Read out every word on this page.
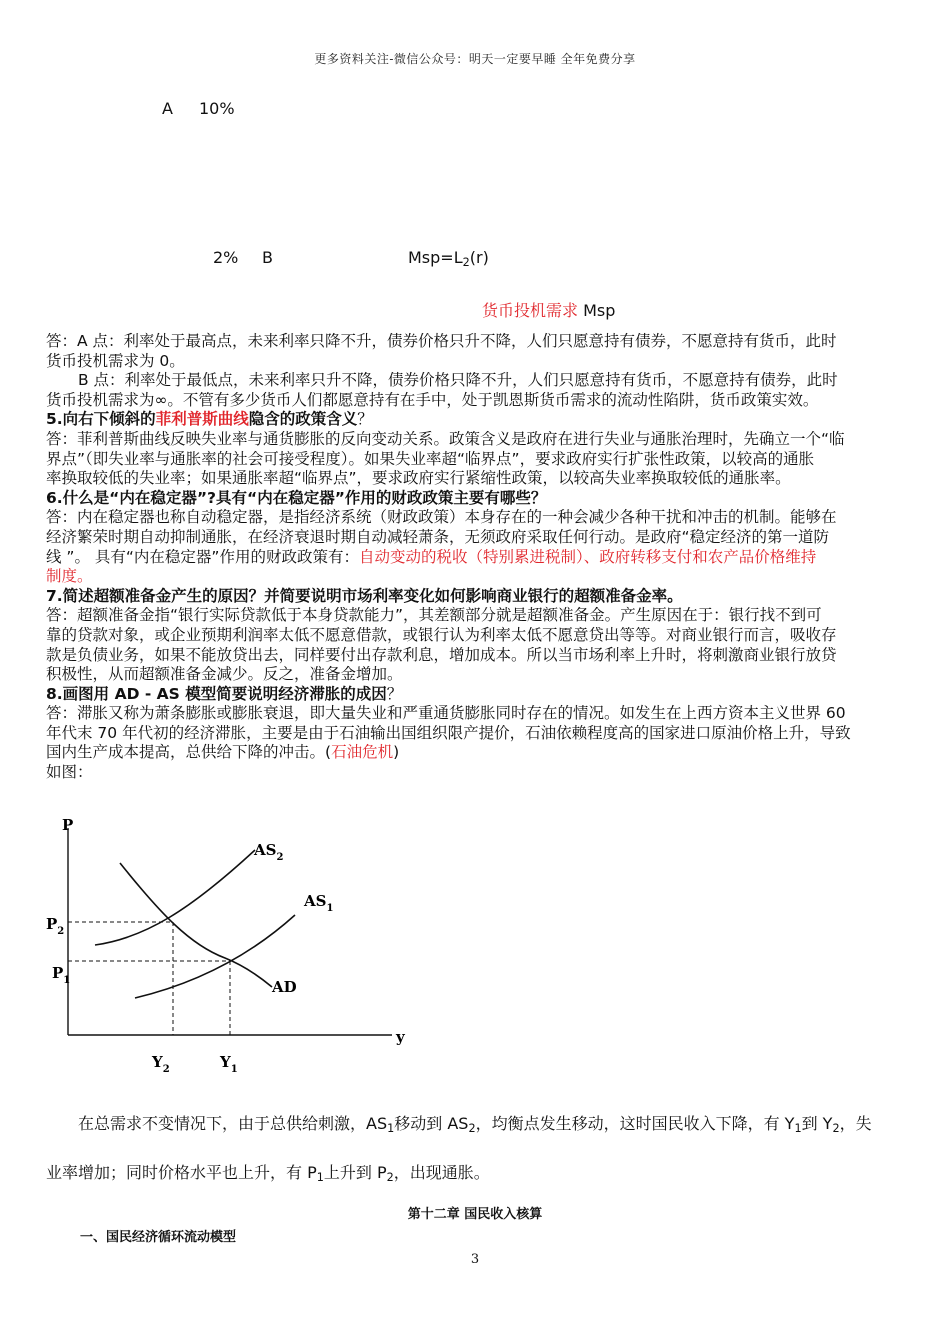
更多资料关注-微信公众号：明天一定要早睡 全年免费分享
A 10%
2% B	$Msp=L_2(r)$
货币投机需求 Msp

答：A 点：利率处于最高点，未来利率只降不升，债券价格只升不降，人们只愿意持有债券，不愿意持有货币，此时

货币投机需求为 0。

B 点：利率处于最低点，未来利率只升不降，债券价格只降不升，人们只愿意持有货币，不愿意持有债券，此时

货币投机需求为∞。不管有多少货币人们都愿意持有在手中，处于凯恩斯货币需求的流动性陷阱，货币政策实效。

5.向右下倾斜的菲利普斯曲线隐含的政策含义？

答：菲利普斯曲线反映失业率与通货膨胀的反向变动关系。政策含义是政府在进行失业与通胀治理时，先确立一个“临

界点”（即失业率与通胀率的社会可接受程度）。如果失业率超“临界点”，要求政府实行扩张性政策，以较高的通胀

率换取较低的失业率；如果通胀率超“临界点”，要求政府实行紧缩性政策，以较高失业率换取较低的通胀率。

6.什么是“内在稳定器”?具有“内在稳定器”作用的财政政策主要有哪些？

答：内在稳定器也称自动稳定器，是指经济系统（财政政策）本身存在的一种会减少各种干扰和冲击的机制。能够在

经济繁荣时期自动抑制通胀，在经济衰退时期自动减轻萧条，无须政府采取任何行动。是政府“稳定经济的第一道防

线 ”。 具有“内在稳定器”作用的财政政策有：自动变动的税收（特别累进税制）、政府转移支付和农产品价格维持

制度。

7.简述超额准备金产生的原因？并简要说明市场利率变化如何影响商业银行的超额准备金率。

答：超额准备金指“银行实际贷款低于本身贷款能力”，其差额部分就是超额准备金。产生原因在于：银行找不到可

靠的贷款对象，或企业预期利润率太低不愿意借款，或银行认为利率太低不愿意贷出等等。对商业银行而言，吸收存

款是负债业务，如果不能放贷出去，同样要付出存款利息，增加成本。所以当市场利率上升时，将刺激商业银行放贷

积极性，从而超额准备金减少。反之，准备金增加。

8.画图用 AD - AS 模型简要说明经济滞胀的成因？

答：滞胀又称为萧条膨胀或膨胀衰退，即大量失业和严重通货膨胀同时存在的情况。如发生在上西方资本主义世界 60

年代末 70 年代初的经济滞胀，主要是由于石油输出国组织限产提价，石油依赖程度高的国家进口原油价格上升，导致

国内生产成本提高，总供给下降的冲击。(石油危机)

如图：

P
y
$P_2$
$P_1$
$Y_2$	$Y_1$
$AS_2$
$AS_1$
AD
在总需求不变情况下，由于总供给刺激，$AS_1$移动到 $AS_2$，均衡点发生移动，这时国民收入下降，有 $Y_1$到 $Y_2$，失
业率增加；同时价格水平也上升，有 $P_1$上升到 $P_2$，出现通胀。
第十二章 国民收入核算
一、国民经济循环流动模型
3
